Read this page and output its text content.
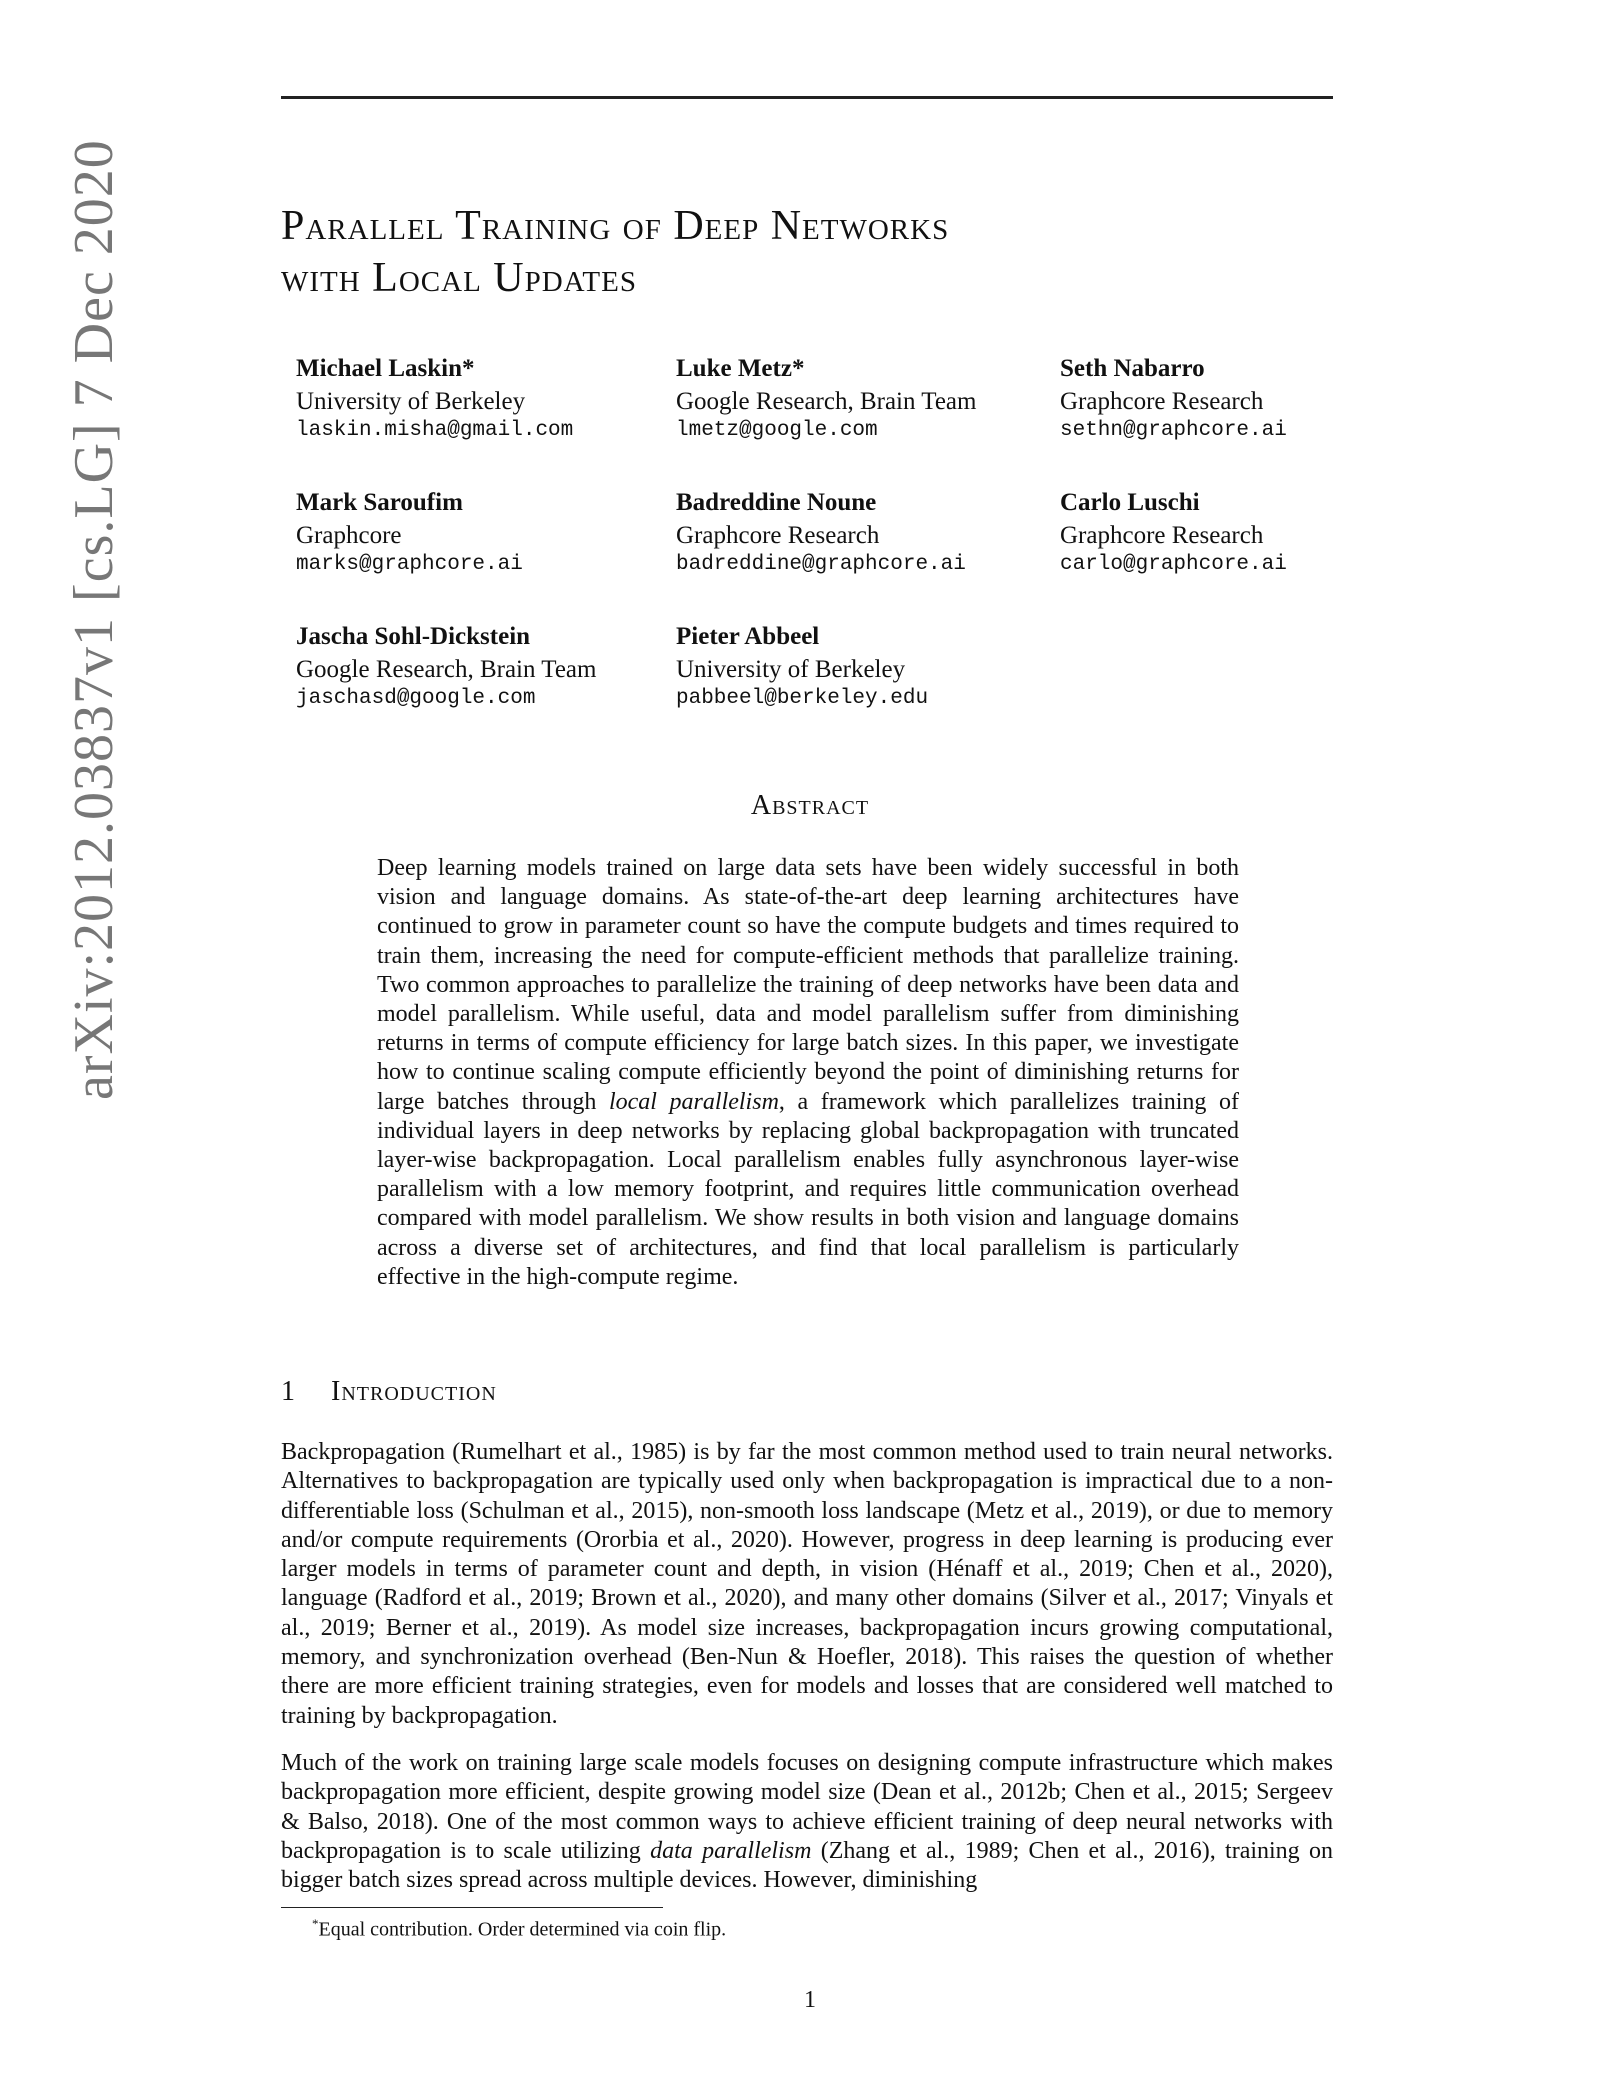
arXiv:2012.03837v1 [cs.LG] 7 Dec 2020	Parallel Training of Deep Networks
with Local Updates
Michael Laskin*
University of Berkeley
laskin.misha@gmail.com
Luke Metz*
Google Research, Brain Team
lmetz@google.com
Seth Nabarro
Graphcore Research
sethn@graphcore.ai
Mark Saroufim
Graphcore
marks@graphcore.ai
Badreddine Noune
Graphcore Research
badreddine@graphcore.ai
Carlo Luschi
Graphcore Research
carlo@graphcore.ai
Jascha Sohl-Dickstein
Google Research, Brain Team
jaschasd@google.com
Pieter Abbeel
University of Berkeley
pabbeel@berkeley.edu
Abstract

Deep learning models trained on large data sets have been widely successful in both vision and language domains. As state-of-the-art deep learning architectures have continued to grow in parameter count so have the compute budgets and times required to train them, increasing the need for compute-efficient methods that parallelize training. Two common approaches to parallelize the training of deep networks have been data and model parallelism. While useful, data and model parallelism suffer from diminishing returns in terms of compute efficiency for large batch sizes. In this paper, we investigate how to continue scaling compute efficiently beyond the point of diminishing returns for large batches through local parallelism, a framework which parallelizes training of individual layers in deep networks by replacing global backpropagation with truncated layer-wise backpropagation. Local parallelism enables fully asynchronous layer-wise parallelism with a low memory footprint, and requires little communication overhead compared with model parallelism. We show results in both vision and language domains across a diverse set of architectures, and find that local parallelism is particularly effective in the high-compute regime.

1 Introduction

Backpropagation (Rumelhart et al., 1985) is by far the most common method used to train neural networks. Alternatives to backpropagation are typically used only when backpropagation is impractical due to a non-differentiable loss (Schulman et al., 2015), non-smooth loss landscape (Metz et al., 2019), or due to memory and/or compute requirements (Ororbia et al., 2020). However, progress in deep learning is producing ever larger models in terms of parameter count and depth, in vision (Hénaff et al., 2019; Chen et al., 2020), language (Radford et al., 2019; Brown et al., 2020), and many other domains (Silver et al., 2017; Vinyals et al., 2019; Berner et al., 2019). As model size increases, backpropagation incurs growing computational, memory, and synchronization overhead (Ben-Nun & Hoefler, 2018). This raises the question of whether there are more efficient training strategies, even for models and losses that are considered well matched to training by backpropagation.

Much of the work on training large scale models focuses on designing compute infrastructure which makes backpropagation more efficient, despite growing model size (Dean et al., 2012b; Chen et al., 2015; Sergeev & Balso, 2018). One of the most common ways to achieve efficient training of deep neural networks with backpropagation is to scale utilizing data parallelism (Zhang et al., 1989; Chen et al., 2016), training on bigger batch sizes spread across multiple devices. However, diminishing

*Equal contribution. Order determined via coin flip.
1
